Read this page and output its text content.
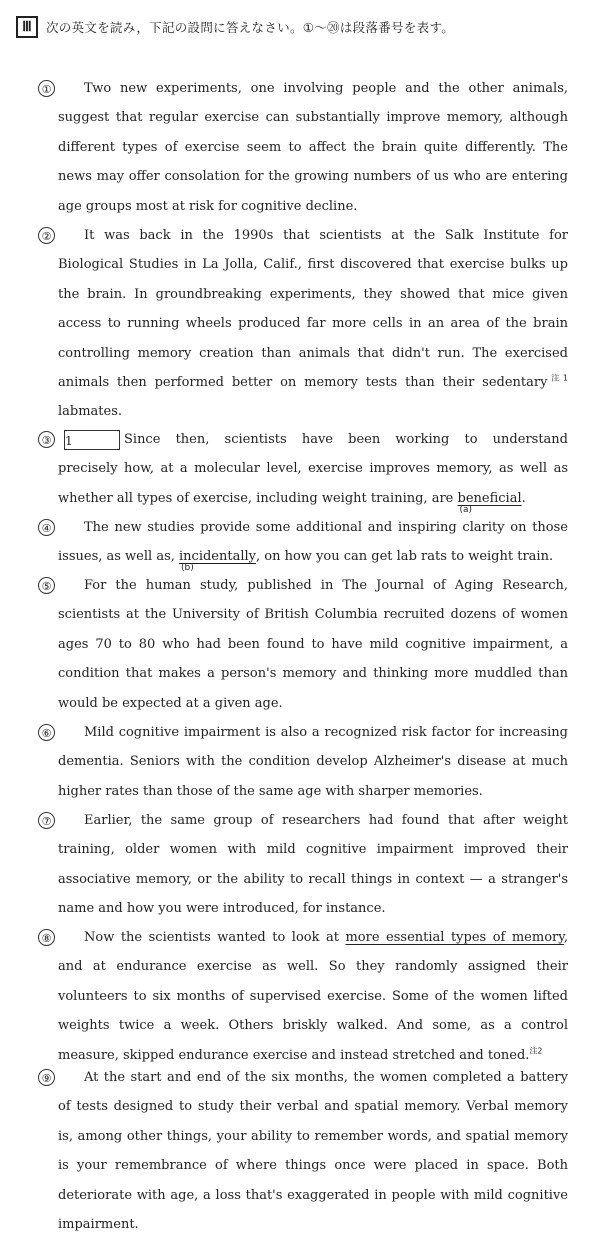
Ⅲ	次の英文を読み，下記の設問に答えなさい。①～⑳は段落番号を表す。
①	Two new experiments, one involving people and the other animals,
suggest that regular exercise can substantially improve memory, although
different types of exercise seem to affect the brain quite differently. The
news may offer consolation for the growing numbers of us who are entering
age groups most at risk for cognitive decline.
②	It was back in the 1990s that scientists at the Salk Institute for
Biological Studies in La Jolla, Calif., first discovered that exercise bulks up
the brain. In groundbreaking experiments, they showed that mice given
access to running wheels produced far more cells in an area of the brain
controlling memory creation than animals that didn't run. The exercised
animals then performed better on memory tests than their sedentary$^{注1}$
labmates.
③	1	Since then, scientists have been working to understand
precisely how, at a molecular level, exercise improves memory, as well as
whether all types of exercise, including weight training, are beneficial
(a)
.
④	The new studies provide some additional and inspiring clarity on those
issues, as well as, incidentally
(b)
, on how you can get lab rats to weight train.
⑤	For the human study, published in The Journal of Aging Research,
scientists at the University of British Columbia recruited dozens of women
ages 70 to 80 who had been found to have mild cognitive impairment, a
condition that makes a person's memory and thinking more muddled than
would be expected at a given age.
⑥	Mild cognitive impairment is also a recognized risk factor for increasing
dementia. Seniors with the condition develop Alzheimer's disease at much
higher rates than those of the same age with sharper memories.
⑦	Earlier, the same group of researchers had found that after weight
training, older women with mild cognitive impairment improved their
associative memory, or the ability to recall things in context — a stranger's
name and how you were introduced, for instance.
⑧	Now the scientists wanted to look at more essential types of memory,
and at endurance exercise as well. So they randomly assigned their
volunteers to six months of supervised exercise. Some of the women lifted
weights twice a week. Others briskly walked. And some, as a control
measure, skipped endurance exercise and instead stretched and toned.$^{注2}$
⑨	At the start and end of the six months, the women completed a battery
of tests designed to study their verbal and spatial memory. Verbal memory
is, among other things, your ability to remember words, and spatial memory
is your remembrance of where things once were placed in space. Both
deteriorate with age, a loss that's exaggerated in people with mild cognitive
impairment.
